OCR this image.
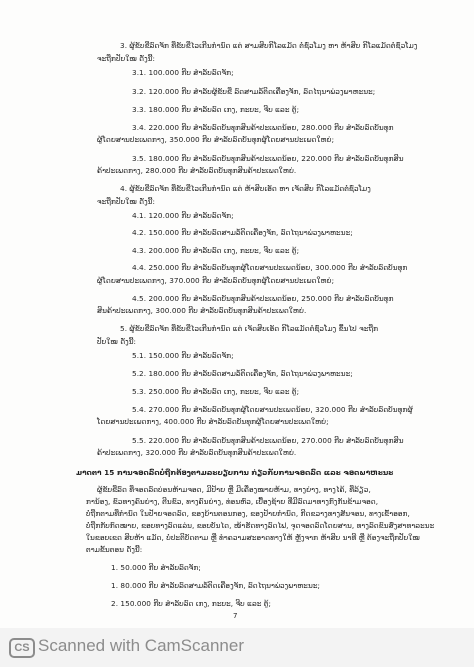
3. ຜູ້ຂັບຂີ່ລົດຈັກ ທີ່ຂັບຂີ່ໄວເກີນກຳນົດ ແຕ່ ສາມສິບກິໂລແມັດ ຕໍ່ຊົ່ວໂມງ ຫາ ຫ້າສິບ ກິໂລແມັດຕໍ່ຊົ່ວໂມງ
ຈະຖືກປັບໃໝ ດັ່ງນີ້:
3.1. 100.000 ກີບ ສຳລັບລົດຈັກ;
3.2. 120.000 ກີບ ສຳລັບຜູ້ຂັບຂີ່ ລົດສາມລໍ້ຕິດເຄື່ອງຈັກ, ລົດໄຖນາພ່ວງພາຫະນະ;
3.3. 180.000 ກີບ ສຳລັບລົດ ເກງ, ກະບະ, ຈີບ ແລະ ຕູ້;
3.4. 220.000 ກີບ ສຳລັບລົດບັນທຸກສິນຄ້າປະເພດນ້ອຍ, 280.000 ກີບ ສຳລັບລົດບັນທຸກ
ຜູ້ໂດຍສານປະເພດກາງ, 350.000 ກີບ ສຳລັບລົດບັນທຸກຜູ້ໂດຍສານປະເພດໃຫຍ່;
3.5. 180.000 ກີບ ສຳລັບລົດບັນທຸກສິນຄ້າປະເພດນ້ອຍ, 220.000 ກີບ ສຳລັບລົດບັນທຸກສິນ
ຄ້າປະເພດກາງ, 280.000 ກີບ ສຳລັບລົດບັນທຸກສິນຄ້າປະເພດໃຫຍ່.
4. ຜູ້ຂັບຂີ່ລົດຈັກ ທີ່ຂັບຂີ່ໄວເກີນກຳນົດ ແຕ່ ຫ້າສິບເອັດ ຫາ ເຈັດສິບ ກິໂລແມັດຕໍ່ຊົ່ວໂມງ
ຈະຖືກປັບໃໝ ດັ່ງນີ້:
4.1. 120.000 ກີບ ສຳລັບລົດຈັກ;
4.2. 150.000 ກີບ ສຳລັບລົດສາມລໍ້ຕິດເຄື່ອງຈັກ, ລົດໄຖນາພ່ວງພາຫະນະ;
4.3. 200.000 ກີບ ສຳລັບລົດ ເກງ, ກະບະ, ຈີບ ແລະ ຕູ້;
4.4. 250.000 ກີບ ສຳລັບລົດບັນທຸກຜູ້ໂດຍສານປະເພດນ້ອຍ, 300.000 ກີບ ສຳລັບລົດບັນທຸກ
ຜູ້ໂດຍສານປະເພດກາງ, 370.000 ກີບ ສຳລັບລົດບັນທຸກຜູ້ໂດຍສານປະເພດໃຫຍ່;
4.5. 200.000 ກີບ ສຳລັບລົດບັນທຸກສິນຄ້າປະເພດນ້ອຍ, 250.000 ກີບ ສຳລັບລົດບັນທຸກ
ສິນຄ້າປະເພດກາງ, 300.000 ກີບ ສຳລັບລົດບັນທຸກສິນຄ້າປະເພດໃຫຍ່.
5. ຜູ້ຂັບຂີ່ລົດຈັກ ທີ່ຂັບຂີ່ໄວເກີນກຳນົດ ແຕ່ ເຈັດສິບເອັດ ກິໂລແມັດຕໍ່ຊົ່ວໂມງ ຂຶ້ນໄປ ຈະຖືກ
ປັບໃໝ ດັ່ງນີ້:
5.1. 150.000 ກີບ ສຳລັບລົດຈັກ;
5.2. 180.000 ກີບ ສຳລັບລົດສາມລໍ້ຕິດເຄື່ອງຈັກ, ລົດໄຖນາພ່ວງພາຫະນະ;
5.3. 250.000 ກີບ ສຳລັບລົດ ເກງ, ກະບະ, ຈີບ ແລະ ຕູ້;
5.4. 270.000 ກີບ ສຳລັບລົດບັນທຸກຜູ້ໂດຍສານປະເພດນ້ອຍ, 320.000 ກີບ ສຳລັບລົດບັນທຸກຜູ້
ໂດຍສານປະເພດກາງ, 400.000 ກີບ ສຳລັບລົດບັນທຸກຜູ້ໂດຍສານປະເພດໃຫຍ່;
5.5. 220.000 ກີບ ສຳລັບລົດບັນທຸກສິນຄ້າປະເພດນ້ອຍ, 270.000 ກີບ ສຳລັບລົດບັນທຸກສິນ
ຄ້າປະເພດກາງ, 320.000 ກີບ ສຳລັບລົດບັນທຸກສິນຄ້າປະເພດໃຫຍ່.
ມາດຕາ 15 ການຈອດລົດບໍ່ຖືກຕ້ອງຕາມລະບຽບການ ກ່ຽວກັບການຈອດລົດ ແລະ ຈອດພາຫະນະ
ຜູ້ຂັບຂີ່ລົດ ທີ່ຈອດລົດບ່ອນຫ້າມຈອດ, ມີປ້າຍ ຫຼື ມີເຄື່ອງໝາຍຫ້າມ, ທາງຍ່າງ, ທາງໄຄ້, ທີ່ລ້ຽວ,
ການ້ອງ, ຂົວທາງຄົນຍ່າງ, ຕີນຂົວ, ທາງຄົນຍ່າງ, ທ່ອນຫົວ, ເບື້ອງຊ້າຍ ທີ່ມີລົດມາທາງກົງກັນຂ້າມຈອດ,
ບໍ່ຖືກຕາມທີ່ກຳນົດ ໃນປ້າຍຈອດລົດ, ຂອງບ້ານຕອນກອງ, ຂອງປ້າຍກຳນົດ, ກີດຂວາງທາງສັນຈອນ, ທາງເຂົ້າອອກ,
ບໍ່ຖືກກັບກົດໝາຍ, ຂອບທາງລົດແລ່ນ, ຂອບບັນໄດ, ໜ້າຮັດທາງລົດໄຟ, ຈຸດຈອດລົດໂດຍສານ, ທາງລົດຂົນສົ່ງສາທາລະນະ
ໃນຂອບເຂດ ສິບຫ້າ ແມັດ, ບໍ່ປະຕິບັດຕາມ ຫຼື ທຳຄວາມສະອາດທາງໃຫ້ ຫຼັງຈາກ ຫ້າສິບ ນາທີ ຫຼື ຕ້ອງຈະຖືກປັບໃໝ
ຕາມຂັ້ນຕອນ ດັ່ງນີ້:
1. 50.000 ກີບ ສຳລັບລົດຈັກ;
1. 80.000 ກີບ ສຳລັບລົດສາມລໍ້ຕິດເຄື່ອງຈັກ, ລົດໄຖນາພ່ວງພາຫະນະ;
2. 150.000 ກີບ ສຳລັບລົດ ເກງ, ກະບະ, ຈີບ ແລະ ຕູ້;
7
CS Scanned with CamScanner
